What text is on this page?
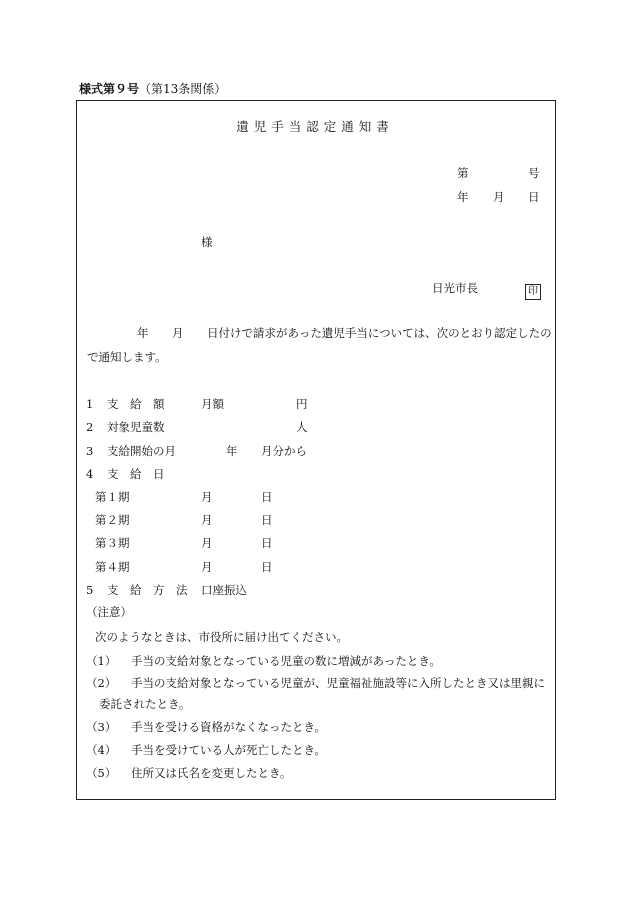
様式第９号（第13条関係）
遺児手当認定通知書
第	号
年 月 日
様
日光市長	印
年 月 日付けで請求があった遺児手当については、次のとおり認定したの
で通知します。
1 支　給　額	月額	円
2 対象児童数	人
3 支給開始の月	年 月分から
4 支　給　日
第１期	月	日
第２期	月	日
第３期	月	日
第４期	月	日
5 支　給　方　法 口座振込
（注意）
次のようなときは、市役所に届け出てください。
（1） 手当の支給対象となっている児童の数に増減があったとき。
（2） 手当の支給対象となっている児童が、児童福祉施設等に入所したとき又は里親に
委託されたとき。
（3） 手当を受ける資格がなくなったとき。
（4） 手当を受けている人が死亡したとき。
（5） 住所又は氏名を変更したとき。
